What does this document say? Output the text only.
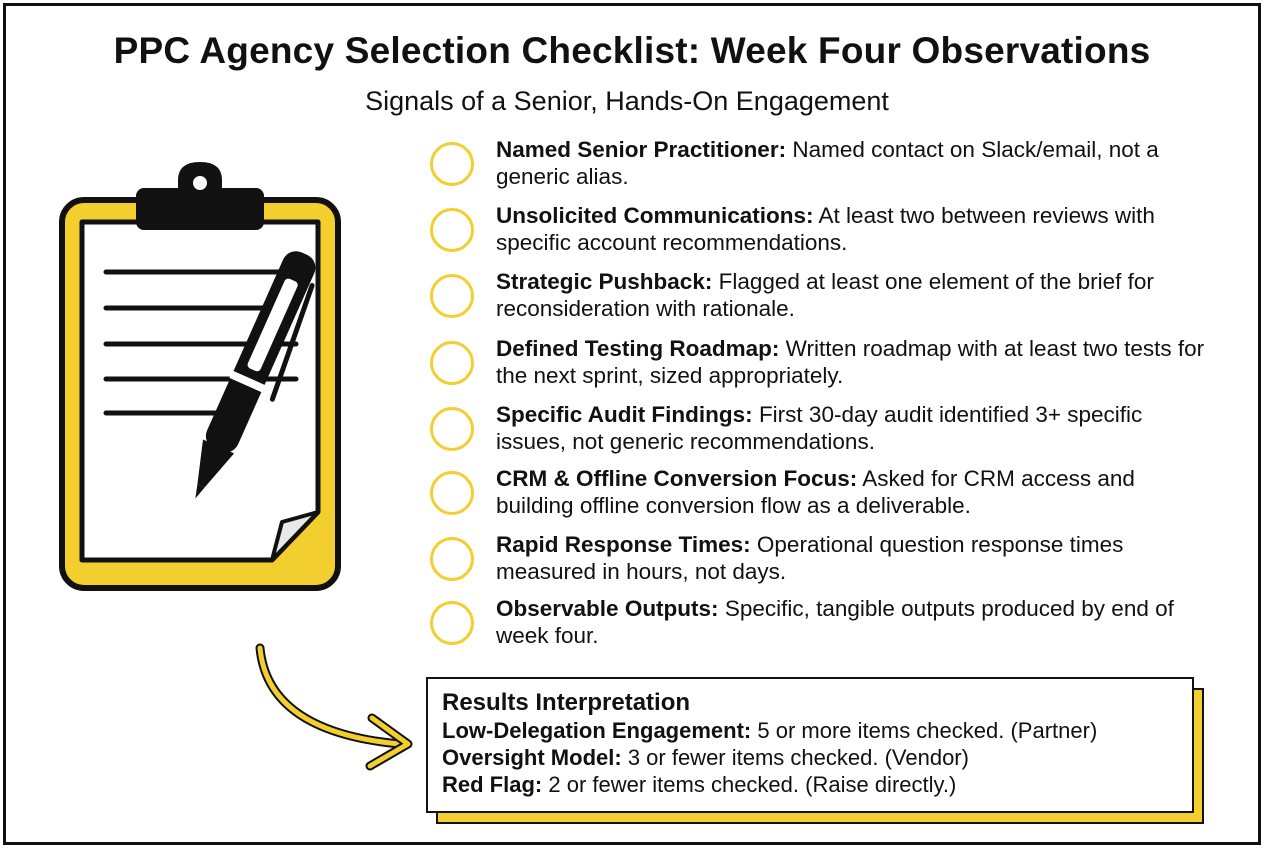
PPC Agency Selection Checklist: Week Four Observations
Signals of a Senior, Hands-On Engagement
Named Senior Practitioner: Named contact on Slack/email, not a generic alias.
Unsolicited Communications: At least two between reviews with specific account recommendations.
Strategic Pushback: Flagged at least one element of the brief for reconsideration with rationale.
Defined Testing Roadmap: Written roadmap with at least two tests for the next sprint, sized appropriately.
Specific Audit Findings: First 30-day audit identified 3+ specific issues, not generic recommendations.
CRM & Offline Conversion Focus: Asked for CRM access and building offline conversion flow as a deliverable.
Rapid Response Times: Operational question response times measured in hours, not days.
Observable Outputs: Specific, tangible outputs produced by end of week four.
Results Interpretation
Low-Delegation Engagement: 5 or more items checked. (Partner)
Oversight Model: 3 or fewer items checked. (Vendor)
Red Flag: 2 or fewer items checked. (Raise directly.)
